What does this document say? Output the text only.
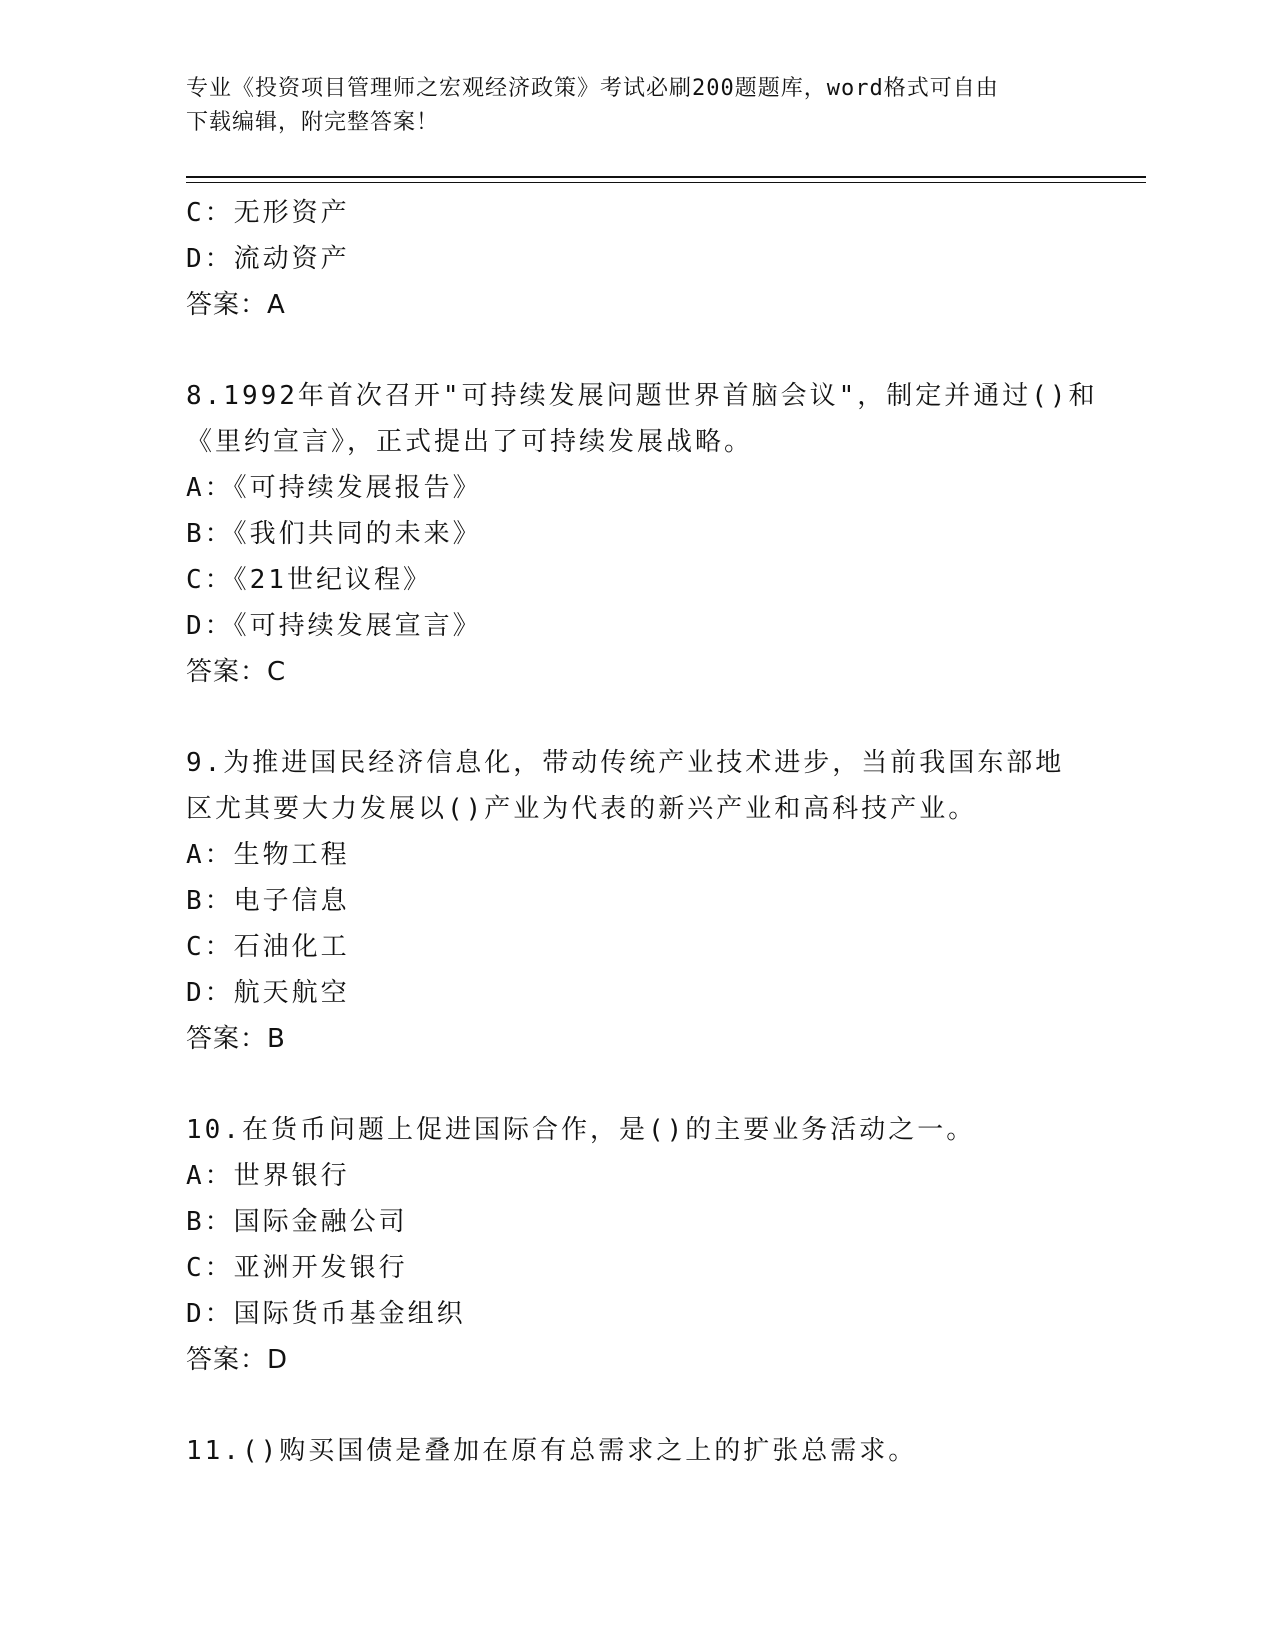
专业《投资项目管理师之宏观经济政策》考试必刷200题题库，word格式可自由
下载编辑，附完整答案！
C：无形资产
D：流动资产
答案：A
8.1992年首次召开"可持续发展问题世界首脑会议"，制定并通过()和
《里约宣言》，正式提出了可持续发展战略。
A：《可持续发展报告》
B：《我们共同的未来》
C：《21世纪议程》
D：《可持续发展宣言》
答案：C
9.为推进国民经济信息化，带动传统产业技术进步，当前我国东部地
区尤其要大力发展以()产业为代表的新兴产业和高科技产业。
A：生物工程
B：电子信息
C：石油化工
D：航天航空
答案：B
10.在货币问题上促进国际合作，是()的主要业务活动之一。
A：世界银行
B：国际金融公司
C：亚洲开发银行
D：国际货币基金组织
答案：D
11.()购买国债是叠加在原有总需求之上的扩张总需求。
